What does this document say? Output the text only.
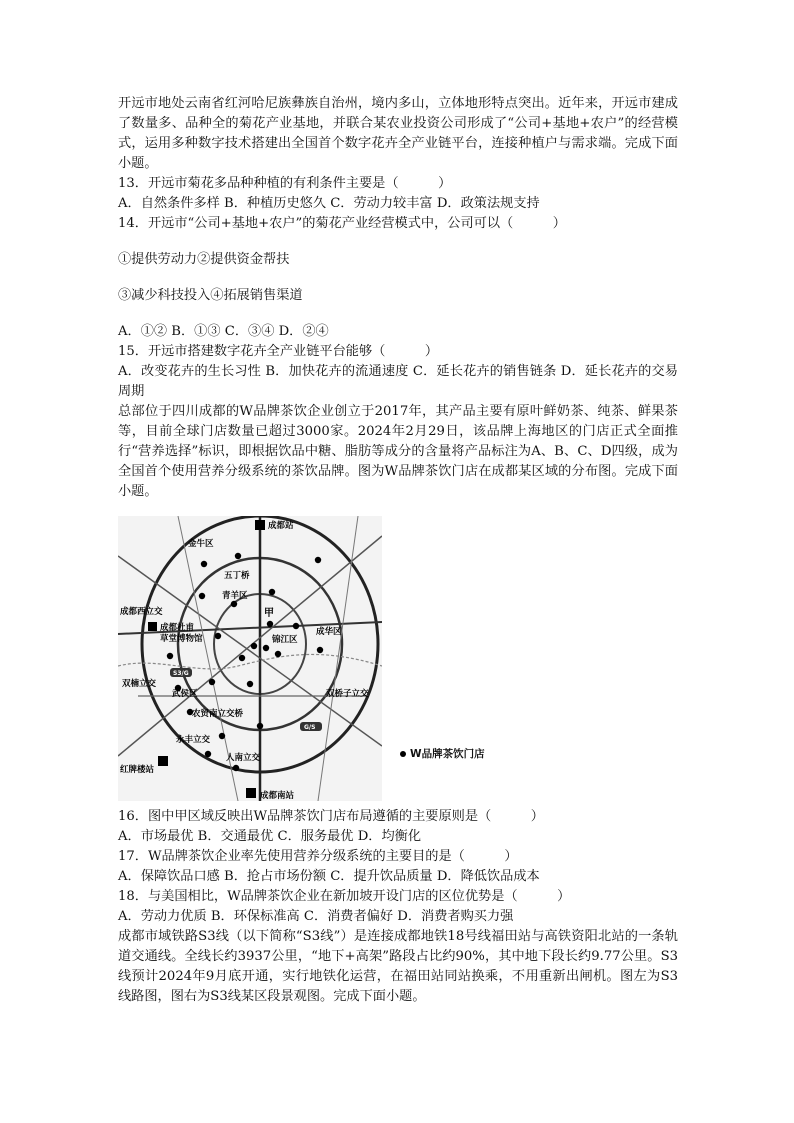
开远市地处云南省红河哈尼族彝族自治州，境内多山，立体地形特点突出。近年来，开远市建成了数量多、品种全的菊花产业基地，并联合某农业投资公司形成了“公司+基地+农户”的经营模式，运用多种数字技术搭建出全国首个数字花卉全产业链平台，连接种植户与需求端。完成下面小题。

13．开远市菊花多品种种植的有利条件主要是（　　　）

A．自然条件多样 B．种植历史悠久 C．劳动力较丰富 D．政策法规支持

14．开远市“公司+基地+农户”的菊花产业经营模式中，公司可以（　　　）

①提供劳动力②提供资金帮扶

③减少科技投入④拓展销售渠道

A．①② B．①③ C．③④ D．②④

15．开远市搭建数字花卉全产业链平台能够（　　　）

A．改变花卉的生长习性 B．加快花卉的流通速度 C．延长花卉的销售链条 D．延长花卉的交易周期

总部位于四川成都的W品牌茶饮企业创立于2017年，其产品主要有原叶鲜奶茶、纯茶、鲜果茶等，目前全球门店数量已超过3000家。2024年2月29日，该品牌上海地区的门店正式全面推行“营养选择”标识，即根据饮品中糖、脂肪等成分的含量将产品标注为A、B、C、D四级，成为全国首个使用营养分级系统的茶饮品牌。图为W品牌茶饮门店在成都某区域的分布图。完成下面小题。

S3/G
G/S
成都站
金牛区
五丁桥
青羊区
成都西立交
成都杜甫
草堂博物馆
甲
成华区
锦江区
双楠立交
武侯区	双桥子立交
农贸南立交桥
永丰立交
人南立交
红牌楼站
成都南站
W品牌茶饮门店

16．图中甲区域反映出W品牌茶饮门店布局遵循的主要原则是（　　　）

A．市场最优 B．交通最优 C．服务最优 D．均衡化

17．W品牌茶饮企业率先使用营养分级系统的主要目的是（　　　）

A．保障饮品口感 B．抢占市场份额 C．提升饮品质量 D．降低饮品成本

18．与美国相比，W品牌茶饮企业在新加坡开设门店的区位优势是（　　　）

A．劳动力优质 B．环保标准高 C．消费者偏好 D．消费者购买力强

成都市域铁路S3线（以下简称“S3线”）是连接成都地铁18号线福田站与高铁资阳北站的一条轨道交通线。全线长约3937公里，“地下+高架”路段占比约90%，其中地下段长约9.77公里。S3线预计2024年9月底开通，实行地铁化运营，在福田站同站换乘，不用重新出闸机。图左为S3线路图，图右为S3线某区段景观图。完成下面小题。
